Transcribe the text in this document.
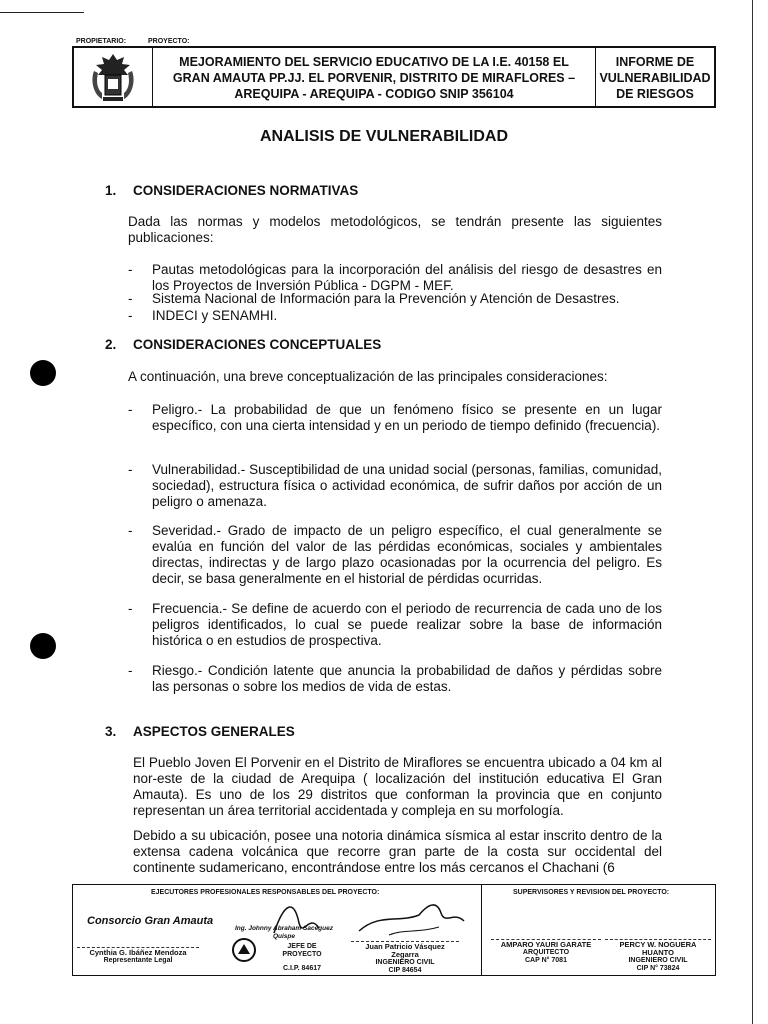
PROPIETARIO:	PROYECTO:
MEJORAMIENTO DEL SERVICIO EDUCATIVO DE LA I.E. 40158 EL GRAN AMAUTA PP.JJ. EL PORVENIR, DISTRITO DE MIRAFLORES – AREQUIPA - AREQUIPA - CODIGO SNIP 356104
INFORME DE VULNERABILIDAD DE RIESGOS
ANALISIS DE VULNERABILIDAD
1. CONSIDERACIONES NORMATIVAS
Dada las normas y modelos metodológicos, se tendrán presente las siguientes publicaciones:
- Pautas metodológicas para la incorporación del análisis del riesgo de desastres en los Proyectos de Inversión Pública - DGPM - MEF.
- Sistema Nacional de Información para la Prevención y Atención de Desastres.
- INDECI y SENAMHI.
2. CONSIDERACIONES CONCEPTUALES
A continuación, una breve conceptualización de las principales consideraciones:
- Peligro.- La probabilidad de que un fenómeno físico se presente en un lugar específico, con una cierta intensidad y en un periodo de tiempo definido (frecuencia).
- Vulnerabilidad.- Susceptibilidad de una unidad social (personas, familias, comunidad, sociedad), estructura física o actividad económica, de sufrir daños por acción de un peligro o amenaza.
- Severidad.- Grado de impacto de un peligro específico, el cual generalmente se evalúa en función del valor de las pérdidas económicas, sociales y ambientales directas, indirectas y de largo plazo ocasionadas por la ocurrencia del peligro. Es decir, se basa generalmente en el historial de pérdidas ocurridas.
- Frecuencia.- Se define de acuerdo con el periodo de recurrencia de cada uno de los peligros identificados, lo cual se puede realizar sobre la base de información histórica o en estudios de prospectiva.
- Riesgo.- Condición latente que anuncia la probabilidad de daños y pérdidas sobre las personas o sobre los medios de vida de estas.
3. ASPECTOS GENERALES
El Pueblo Joven El Porvenir en el Distrito de Miraflores se encuentra ubicado a 04 km al nor-este de la ciudad de Arequipa ( localización del institución educativa El Gran Amauta). Es uno de los 29 distritos que conforman la provincia que en conjunto representan un área territorial accidentada y compleja en su morfología.
Debido a su ubicación, posee una notoria dinámica sísmica al estar inscrito dentro de la extensa cadena volcánica que recorre gran parte de la costa sur occidental del continente sudamericano, encontrándose entre los más cercanos el Chachani (6
EJECUTORES PROFESIONALES RESPONSABLES DEL PROYECTO:	SUPERVISORES Y REVISION DEL PROYECTO:
Consorcio Gran Amauta
Cynthia G. Ibáñez Mendoza
Representante Legal
Ing. Johnny Abraham Saceguez Quispe
JEFE DE PROYECTO
C.I.P. 84617
Juan Patricio Vásquez Zegarra
INGENIERO CIVIL
CIP 84654
AMPARO YAURI GARATE
ARQUITECTO
CAP N° 7081
PERCY W. NOGUERA HUANTO
INGENIERO CIVIL
CIP N° 73824
